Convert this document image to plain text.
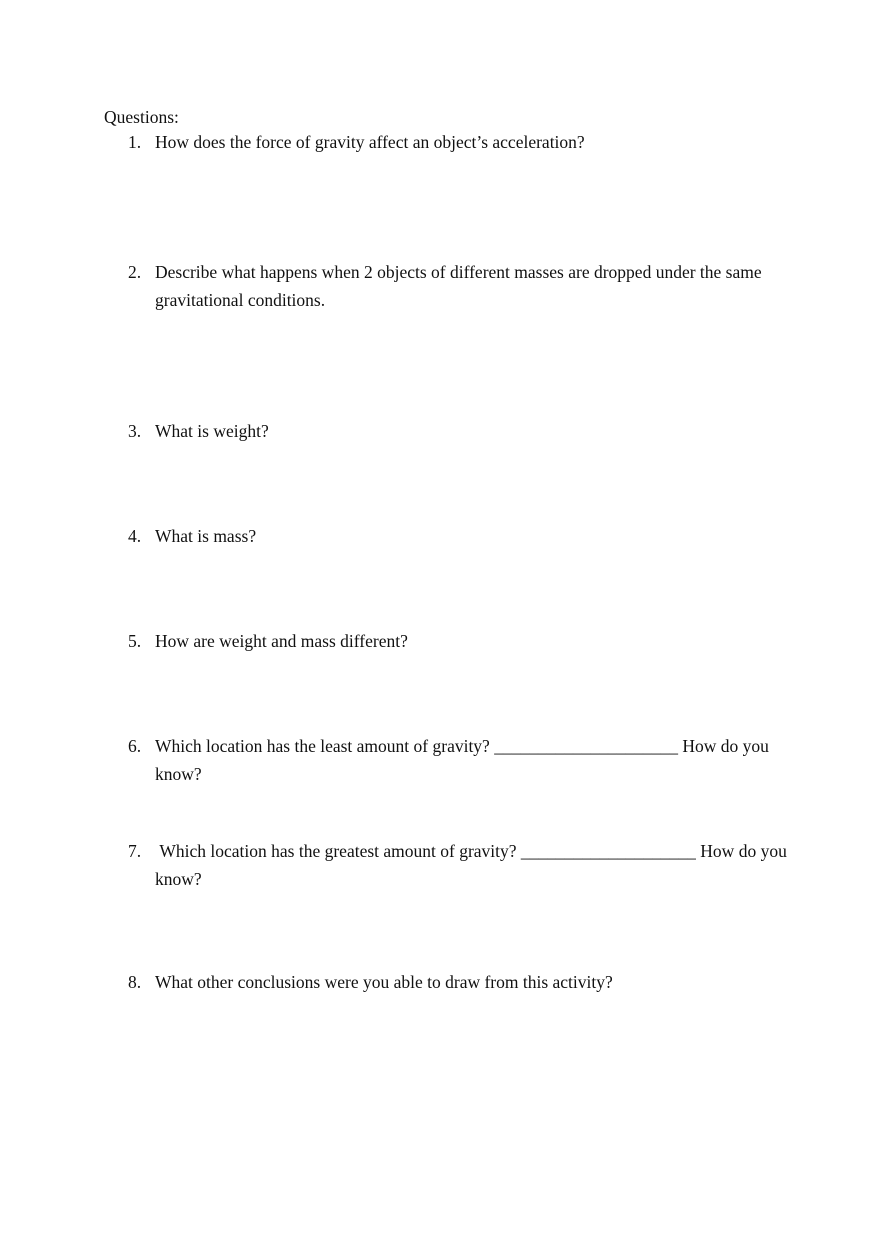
Questions:
1. How does the force of gravity affect an object’s acceleration?
2. Describe what happens when 2 objects of different masses are dropped under the same gravitational conditions.
3. What is weight?
4. What is mass?
5. How are weight and mass different?
6. Which location has the least amount of gravity? _____________________ How do you know?
7. Which location has the greatest amount of gravity? ____________________ How do you know?
8. What other conclusions were you able to draw from this activity?
